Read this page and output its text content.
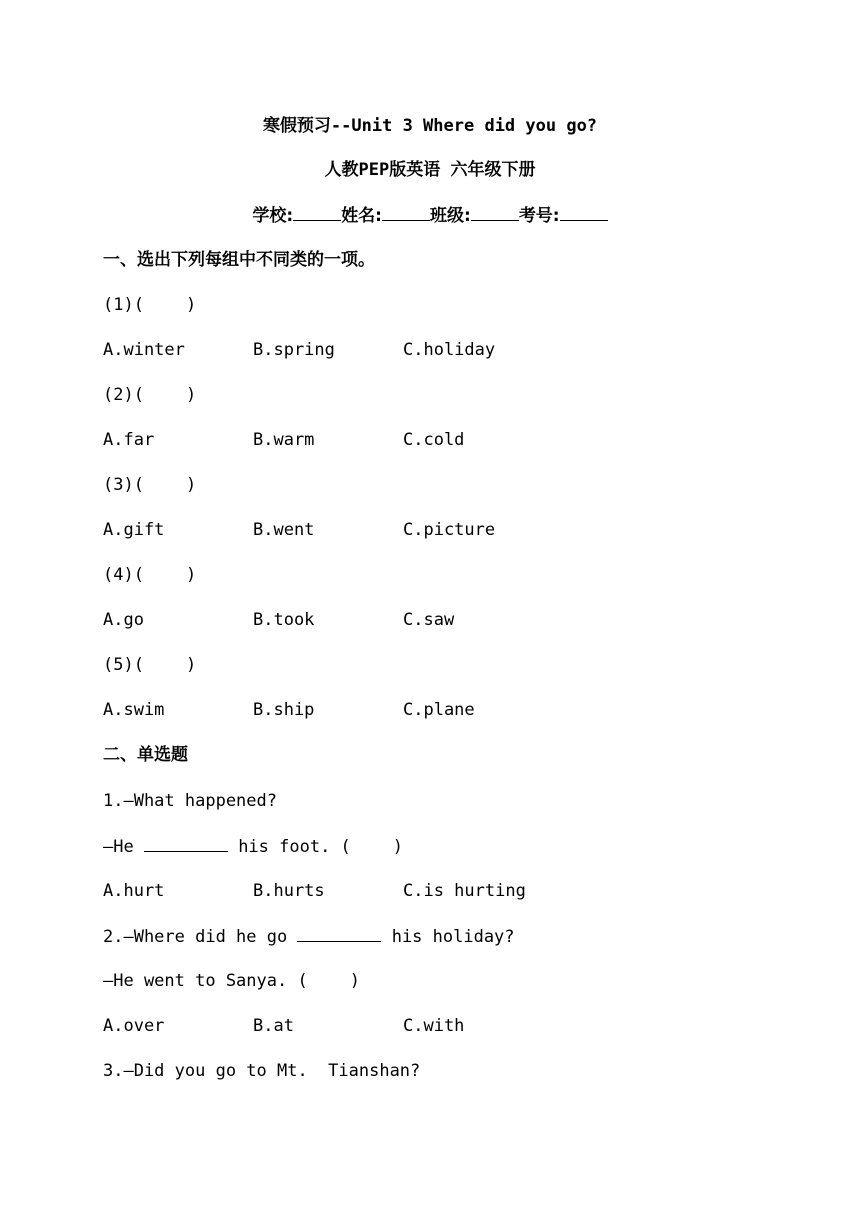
寒假预习--Unit 3 Where did you go?
人教PEP版英语 六年级下册
学校:	姓名:	班级:	考号:
一、选出下列每组中不同类的一项。
(1)( )
A.winter	B.spring	C.holiday
(2)( )
A.far	B.warm	C.cold
(3)( )
A.gift	B.went	C.picture
(4)( )
A.go	B.took	C.saw
(5)( )
A.swim	B.ship	C.plane
二、单选题
1.—What happened?
—He	his foot. ( )
A.hurt	B.hurts	C.is hurting
2.—Where did he go	his holiday?
—He went to Sanya. ( )
A.over	B.at	C.with
3.—Did you go to Mt.  Tianshan?
